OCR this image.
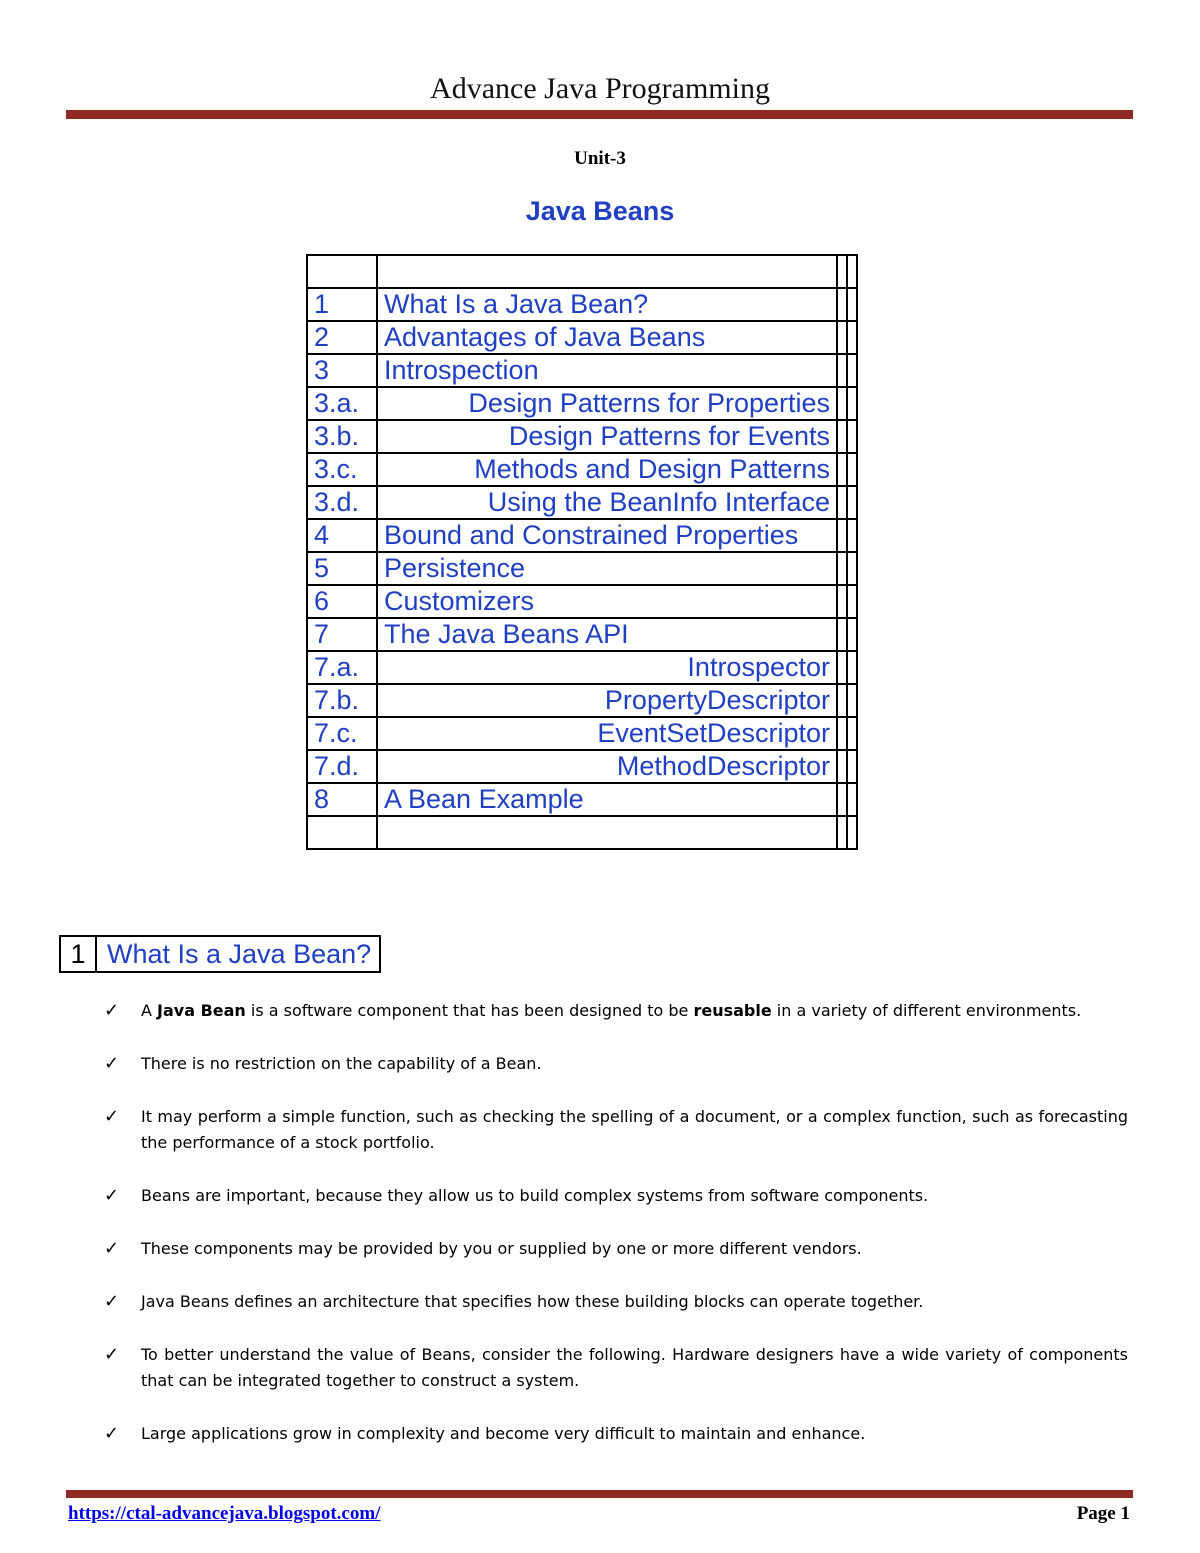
Advance Java Programming
Unit-3
Java Beans

1	What Is a Java Bean?		
2	Advantages of Java Beans		
3	Introspection		
3.a.	Design Patterns for Properties		
3.b.	Design Patterns for Events		
3.c.	Methods and Design Patterns		
3.d.	Using the BeanInfo Interface		
4	Bound and Constrained Properties		
5	Persistence		
6	Customizers		
7	The Java Beans API		
7.a.	Introspector		
7.b.	PropertyDescriptor		
7.c.	EventSetDescriptor		
7.d.	MethodDescriptor		
8	A Bean Example		

1 What Is a Java Bean?
✓ A Java Bean is a software component that has been designed to be reusable in a variety of different environments.
✓ There is no restriction on the capability of a Bean.
✓ It may perform a simple function, such as checking the spelling of a document, or a complex function, such as forecasting the performance of a stock portfolio.
✓ Beans are important, because they allow us to build complex systems from software components.
✓ These components may be provided by you or supplied by one or more different vendors.
✓ Java Beans defines an architecture that specifies how these building blocks can operate together.
✓ To better understand the value of Beans, consider the following. Hardware designers have a wide variety of components that can be integrated together to construct a system.
✓ Large applications grow in complexity and become very difficult to maintain and enhance.
https://ctal-advancejava.blogspot.com/	Page 1
